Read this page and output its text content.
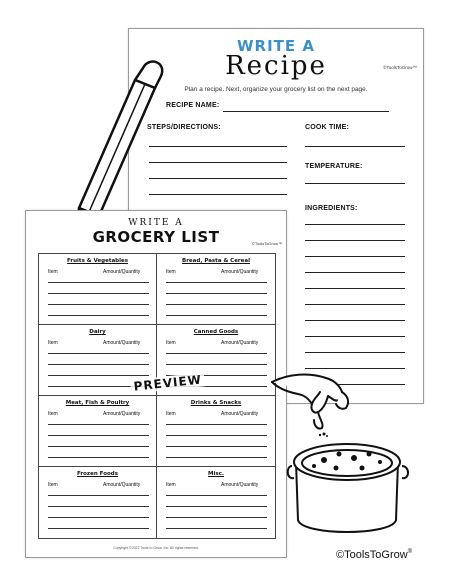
WRITE A
Recipe	©ToolsToGrow™
Plan a recipe. Next, organize your grocery list on the next page.
RECIPE NAME:
STEPS/DIRECTIONS:	COOK TIME:
TEMPERATURE:
INGREDIENTS:
WRITE A
GROCERY LIST	©ToolsToGrow™
Fruits & Vegetables
Item	Amount/Quantity
Bread, Pasta & Cereal
Item	Amount/Quantity
Dairy
Item	Amount/Quantity
Canned Goods
Item	Amount/Quantity
Meat, Fish & Poultry
Item	Amount/Quantity
Drinks & Snacks
Item	Amount/Quantity
Frozen Foods
Item	Amount/Quantity
Misc.
Item	Amount/Quantity
Copyright ©2022 Tools to Grow, Inc. All rights reserved.
PREVIEW
©ToolsToGrow®
